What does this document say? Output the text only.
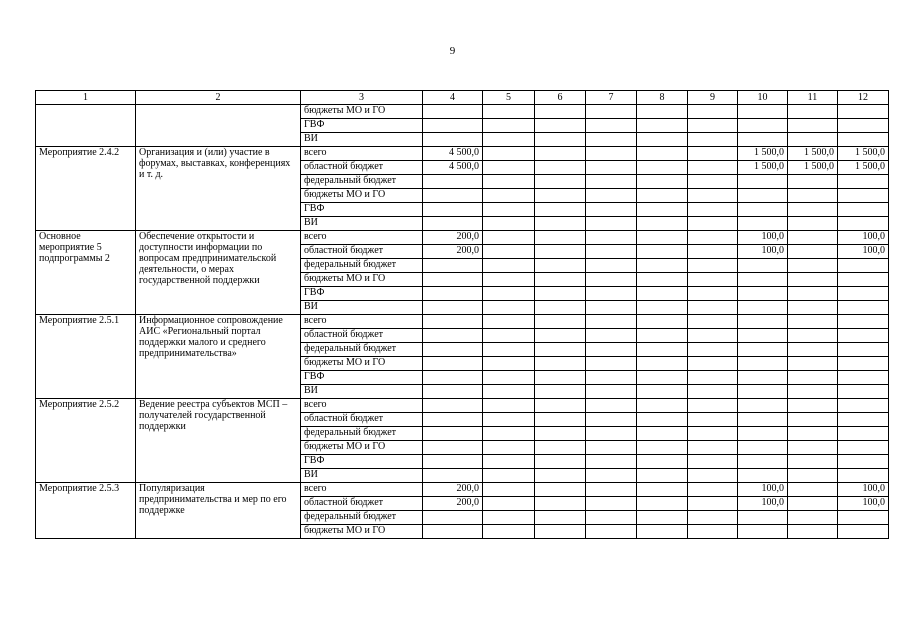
9
1	2	3	4	5	6	7	8	9	10	11	12
		бюджеты МО и ГО									
		ГВФ									
		ВИ									
Мероприятие 2.4.2	Организация и (или) участие в форумах, выставках, конференциях и т. д.	всего	4 500,0						1 500,0	1 500,0	1 500,0
		областной бюджет	4 500,0						1 500,0	1 500,0	1 500,0
		федеральный бюджет									
		бюджеты МО и ГО									
		ГВФ									
		ВИ									
Основное мероприятие 5 подпрограммы 2	Обеспечение открытости и доступности информации по вопросам предпринимательской деятельности, о мерах государственной поддержки	всего	200,0						100,0		100,0
		областной бюджет	200,0						100,0		100,0
		федеральный бюджет									
		бюджеты МО и ГО									
		ГВФ									
		ВИ									
Мероприятие 2.5.1	Информационное сопровождение АИС «Региональный портал поддержки малого и среднего предпринимательства»	всего									
		областной бюджет									
		федеральный бюджет									
		бюджеты МО и ГО									
		ГВФ									
		ВИ									
Мероприятие 2.5.2	Ведение реестра субъектов МСП – получателей государственной поддержки	всего									
		областной бюджет									
		федеральный бюджет									
		бюджеты МО и ГО									
		ГВФ									
		ВИ									
Мероприятие 2.5.3	Популяризация предпринимательства и мер по его поддержке	всего	200,0						100,0		100,0
		областной бюджет	200,0						100,0		100,0
		федеральный бюджет									
		бюджеты МО и ГО									
